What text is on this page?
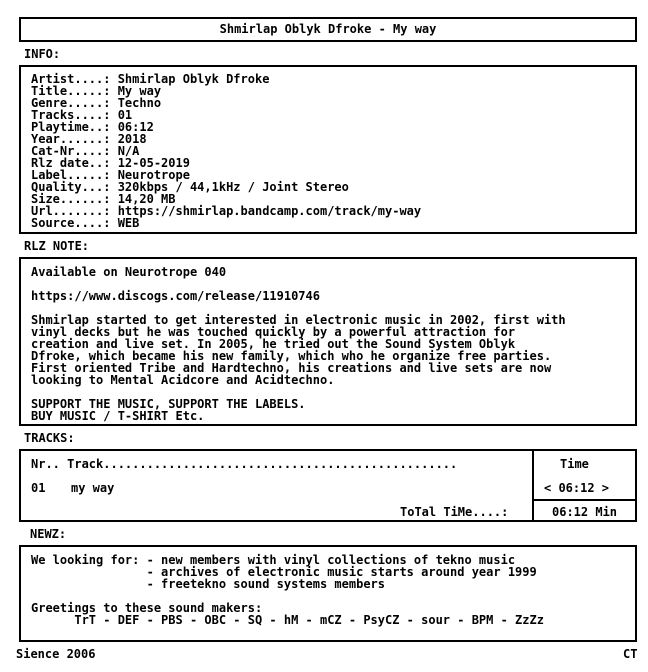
Shmirlap Oblyk Dfroke - My way
INFO:
Artist....: Shmirlap Oblyk Dfroke
Title.....: My way
Genre.....: Techno
Tracks....: 01
Playtime..: 06:12
Year......: 2018
Cat-Nr....: N/A
Rlz date..: 12-05-2019
Label.....: Neurotrope
Quality...: 320kbps / 44,1kHz / Joint Stereo
Size......: 14,20 MB
Url.......: https://shmirlap.bandcamp.com/track/my-way
Source....: WEB
RLZ NOTE:
Available on Neurotrope 040
https://www.discogs.com/release/11910746
Shmirlap started to get interested in electronic music in 2002, first with
vinyl decks but he was touched quickly by a powerful attraction for
creation and live set. In 2005, he tried out the Sound System Oblyk
Dfroke, which became his new family, which who he organize free parties.
First oriented Tribe and Hardtechno, his creations and live sets are now
looking to Mental Acidcore and Acidtechno.
SUPPORT THE MUSIC, SUPPORT THE LABELS.
BUY MUSIC / T-SHIRT Etc.
TRACKS:
Nr.. Track.................................................	Time
01 my way	< 06:12 >
ToTal TiMe....:	06:12 Min
NEWZ:
We looking for: - new members with vinyl collections of tekno music
- archives of electronic music starts around year 1999
- freetekno sound systems members

Greetings to these sound makers:
TrT - DEF - PBS - OBC - SQ - hM - mCZ - PsyCZ - sour - BPM - ZzZz
Sience 2006	CT
